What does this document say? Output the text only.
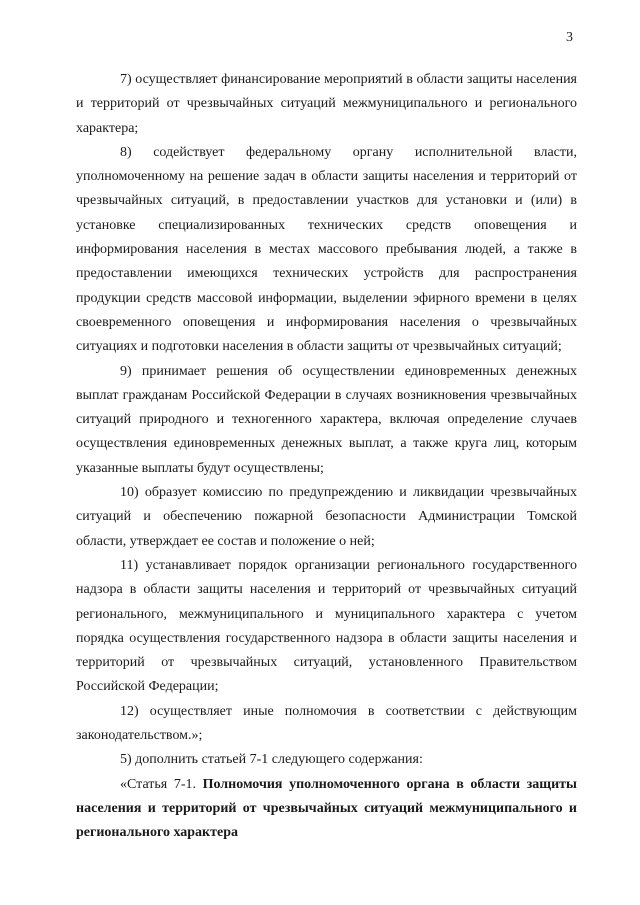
3

7) осуществляет финансирование мероприятий в области защиты населения и территорий от чрезвычайных ситуаций межмуниципального и регионального характера;

8) содействует федеральному органу исполнительной власти, уполномоченному на решение задач в области защиты населения и территорий от чрезвычайных ситуаций, в предоставлении участков для установки и (или) в установке специализированных технических средств оповещения и информирования населения в местах массового пребывания людей, а также в предоставлении имеющихся технических устройств для распространения продукции средств массовой информации, выделении эфирного времени в целях своевременного оповещения и информирования населения о чрезвычайных ситуациях и подготовки населения в области защиты от чрезвычайных ситуаций;

9) принимает решения об осуществлении единовременных денежных выплат гражданам Российской Федерации в случаях возникновения чрезвычайных ситуаций природного и техногенного характера, включая определение случаев осуществления единовременных денежных выплат, а также круга лиц, которым указанные выплаты будут осуществлены;

10) образует комиссию по предупреждению и ликвидации чрезвычайных ситуаций и обеспечению пожарной безопасности Администрации Томской области, утверждает ее состав и положение о ней;

11) устанавливает порядок организации регионального государственного надзора в области защиты населения и территорий от чрезвычайных ситуаций регионального, межмуниципального и муниципального характера с учетом порядка осуществления государственного надзора в области защиты населения и территорий от чрезвычайных ситуаций, установленного Правительством Российской Федерации;

12) осуществляет иные полномочия в соответствии с действующим законодательством.»;

5) дополнить статьей 7-1 следующего содержания:

«Статья 7-1. Полномочия уполномоченного органа в области защиты населения и территорий от чрезвычайных ситуаций межмуниципального и регионального характера
